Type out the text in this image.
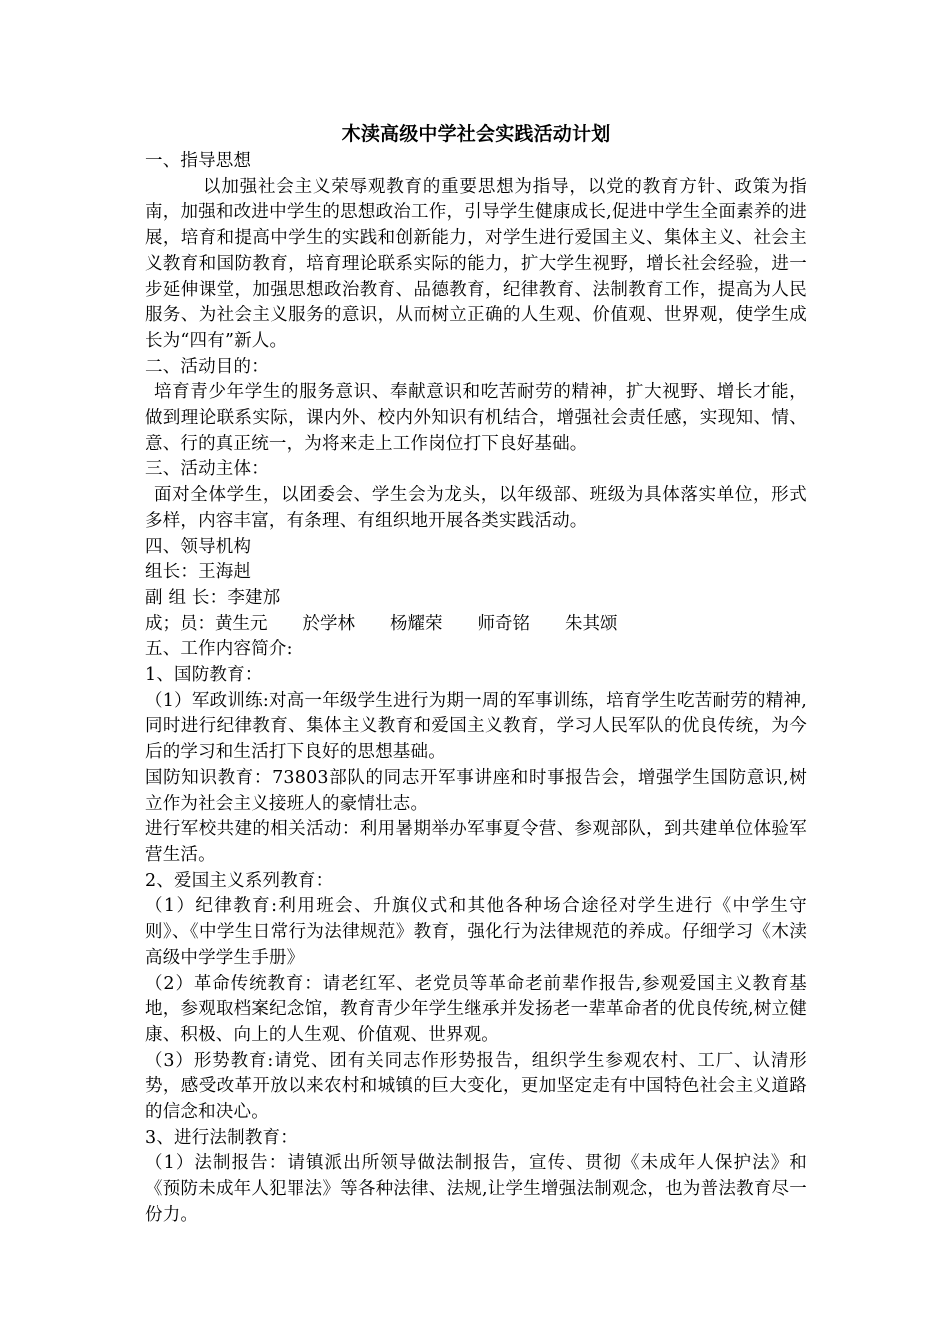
木渎高级中学社会实践活动计划

一、指导思想

以加强社会主义荣辱观教育的重要思想为指导，以党的教育方针、政策为指南，加强和改进中学生的思想政治工作，引导学生健康成长,促进中学生全面素养的进展，培育和提高中学生的实践和创新能力，对学生进行爱国主义、集体主义、社会主义教育和国防教育，培育理论联系实际的能力，扩大学生视野，增长社会经验，进一步延伸课堂，加强思想政治教育、品德教育，纪律教育、法制教育工作，提高为人民服务、为社会主义服务的意识，从而树立正确的人生观、价值观、世界观，使学生成长为“四有”新人。

二、活动目的：

培育青少年学生的服务意识、奉献意识和吃苦耐劳的精神，扩大视野、增长才能，做到理论联系实际，课内外、校内外知识有机结合，增强社会责任感，实现知、情、意、行的真正统一，为将来走上工作岗位打下良好基础。

三、活动主体：

面对全体学生，以团委会、学生会为龙头，以年级部、班级为具体落实单位，形式多样，内容丰富，有条理、有组织地开展各类实践活动。

四、领导机构

组长：王海赳

副 组 长：李建邡

成；员：黄生元　　於学林　　杨耀荣　　师奇铭　　朱其颂

五、工作内容简介:

1、国防教育：

（1）军政训练:对高一年级学生进行为期一周的军事训练，培育学生吃苦耐劳的精神,同时进行纪律教育、集体主义教育和爱国主义教育，学习人民军队的优良传统，为今后的学习和生活打下良好的思想基础。

国防知识教育：73803部队的同志开军事讲座和时事报告会，增强学生国防意识,树立作为社会主义接班人的豪情壮志。

进行军校共建的相关活动：利用暑期举办军事夏令营、参观部队，到共建单位体验军营生活。

2、爱国主义系列教育：

（1）纪律教育:利用班会、升旗仪式和其他各种场合途径对学生进行《中学生守则》、《中学生日常行为法律规范》教育，强化行为法律规范的养成。仔细学习《木渎高级中学学生手册》

（2）革命传统教育：请老红军、老党员等革命老前辈作报告,参观爱国主义教育基地，参观取档案纪念馆，教育青少年学生继承并发扬老一辈革命者的优良传统,树立健康、积极、向上的人生观、价值观、世界观。

（3）形势教育:请党、团有关同志作形势报告，组织学生参观农村、工厂、认清形势，感受改革开放以来农村和城镇的巨大变化，更加坚定走有中国特色社会主义道路的信念和决心。

3、进行法制教育：

（1）法制报告：请镇派出所领导做法制报告，宣传、贯彻《未成年人保护法》和《预防未成年人犯罪法》等各种法律、法规,让学生增强法制观念，也为普法教育尽一份力。
